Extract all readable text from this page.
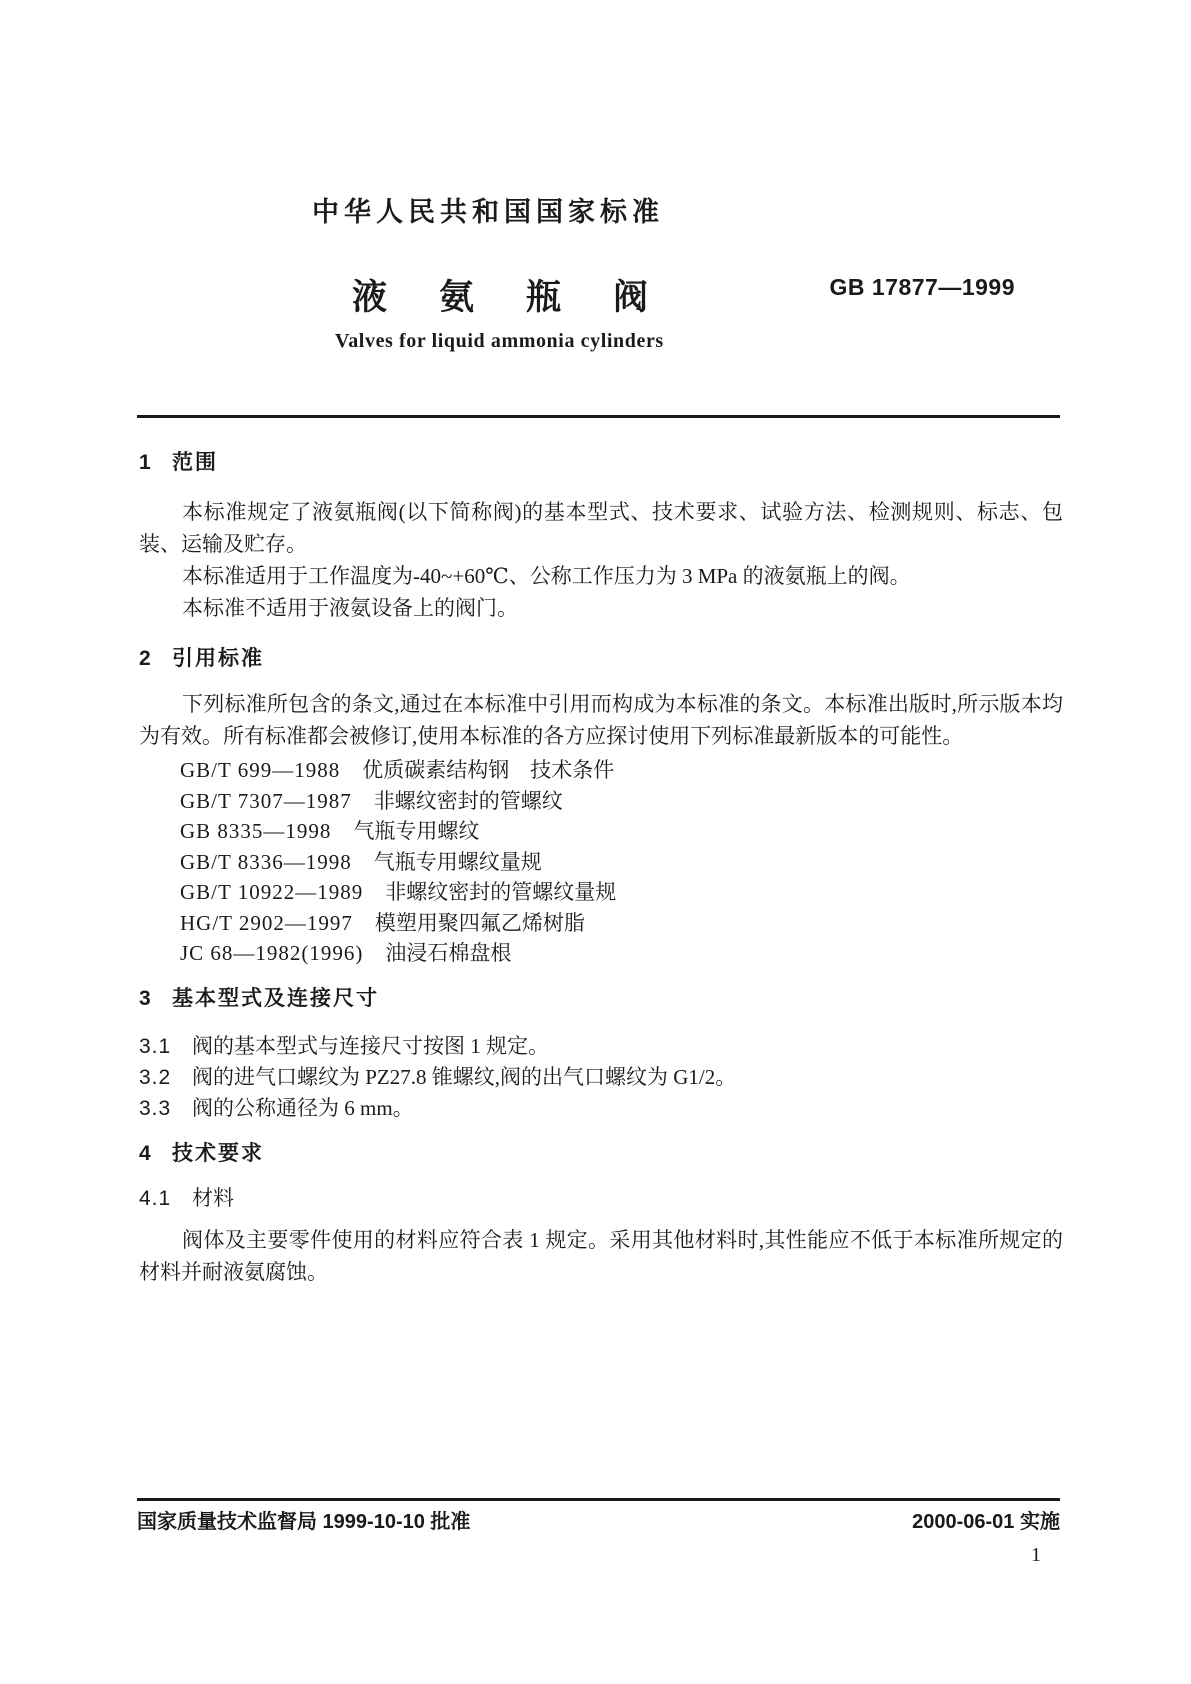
中华人民共和国国家标准
液氨瓶阀	GB 17877—1999
Valves for liquid ammonia cylinders
1	范围

本标准规定了液氨瓶阀(以下简称阀)的基本型式、技术要求、试验方法、检测规则、标志、包装、运输及贮存。

本标准适用于工作温度为-40~+60℃、公称工作压力为 3 MPa 的液氨瓶上的阀。

本标准不适用于液氨设备上的阀门。

2	引用标准

下列标准所包含的条文,通过在本标准中引用而构成为本标准的条文。本标准出版时,所示版本均为有效。所有标准都会被修订,使用本标准的各方应探讨使用下列标准最新版本的可能性。

GB/T 699—1988 优质碳素结构钢　技术条件
GB/T 7307—1987 非螺纹密封的管螺纹
GB 8335—1998 气瓶专用螺纹
GB/T 8336—1998 气瓶专用螺纹量规
GB/T 10922—1989 非螺纹密封的管螺纹量规
HG/T 2902—1997 模塑用聚四氟乙烯树脂
JC 68—1982(1996) 油浸石棉盘根
3	基本型式及连接尺寸
3.1 阀的基本型式与连接尺寸按图 1 规定。
3.2 阀的进气口螺纹为 PZ27.8 锥螺纹,阀的出气口螺纹为 G1/2。
3.3 阀的公称通径为 6 mm。
4	技术要求
4.1 材料

阀体及主要零件使用的材料应符合表 1 规定。采用其他材料时,其性能应不低于本标准所规定的材料并耐液氨腐蚀。

国家质量技术监督局 1999-10-10 批准	2000-06-01 实施
1
